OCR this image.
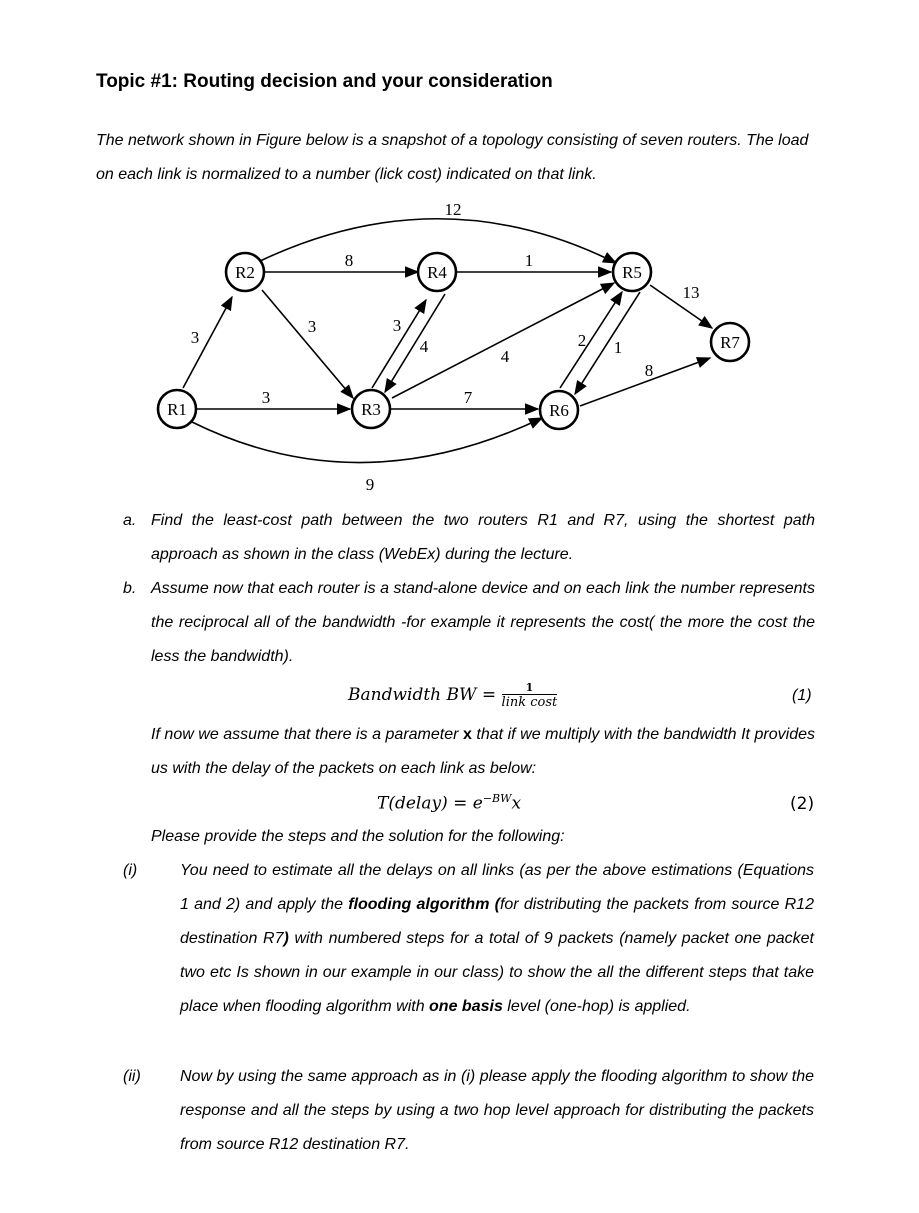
Topic #1: Routing decision and your consideration
The network shown in Figure below is a snapshot of a topology consisting of seven routers. The load on each link is normalized to a number (lick cost) indicated on that link.
R1
R2
R3
R4	R5
R6
R7
12
8	1
13
3
3	3
4
4
2 1
8
3	7
9
a. Find the least-cost path between the two routers R1 and R7, using the shortest path approach as shown in the class (WebEx) during the lecture.
b. Assume now that each router is a stand-alone device and on each link the number represents the reciprocal all of the bandwidth -for example it represents the cost( the more the cost the less the bandwidth).
Bandwidth BW = $\frac{1}{\text{link cost}}$	(1)
If now we assume that there is a parameter x that if we multiply with the bandwidth It provides us with the delay of the packets on each link as below:
T(delay) = $e^{-BW}x$	(2)
Please provide the steps and the solution for the following:
(i)	You need to estimate all the delays on all links (as per the above estimations (Equations 1 and 2) and apply the flooding algorithm (for distributing the packets from source R12 destination R7) with numbered steps for a total of 9 packets (namely packet one packet two etc Is shown in our example in our class) to show the all the different steps that take place when flooding algorithm with one basis level (one-hop) is applied.
(ii) Now by using the same approach as in (i) please apply the flooding algorithm to show the response and all the steps by using a two hop level approach for distributing the packets from source R12 destination R7.
